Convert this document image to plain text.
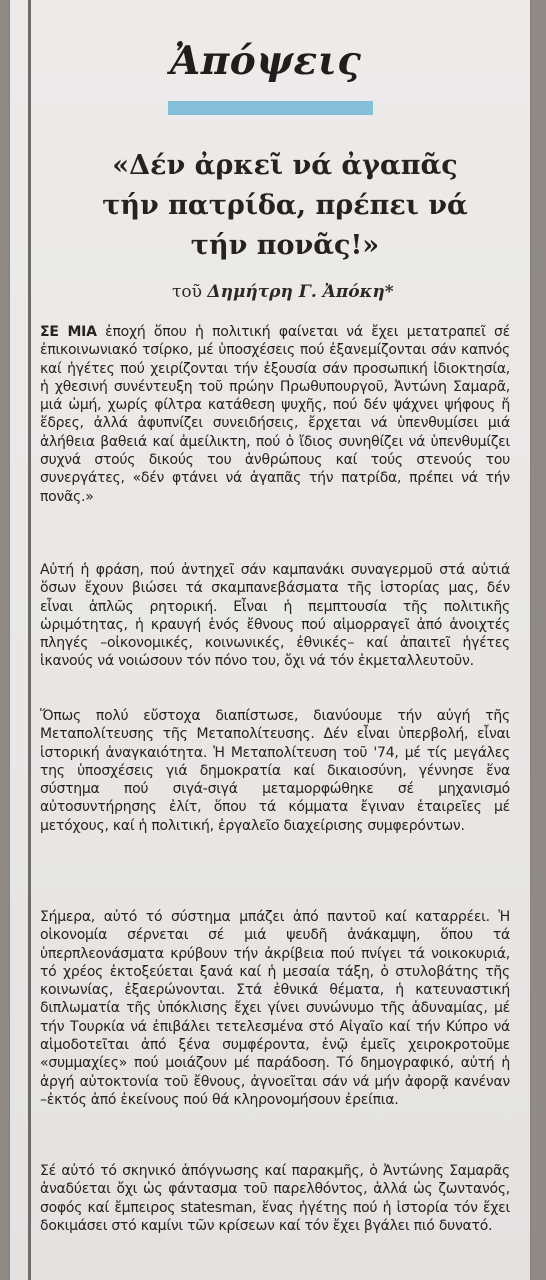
Ἀπόψεις
«Δέν ἀρκεῖ νά ἀγαπᾶς τήν πατρίδα, πρέπει νά τήν πονᾶς!»
τοῦ Δημήτρη Γ. Ἀπόκη*

ΣΕ ΜΙΑ ἐποχή ὅπου ἡ πολιτική φαίνεται νά ἔχει μετατραπεῖ σέ ἐπικοινωνιακό τσίρκο, μέ ὑποσχέσεις πού ἐξανεμίζονται σάν καπνός καί ἡγέτες πού χειρίζονται τήν ἐξουσία σάν προσωπική ἰδιοκτησία, ἡ χθεσινή συνέντευξη τοῦ πρώην Πρωθυπουργοῦ, Ἀντώνη Σαμαρᾶ, μιά ὠμή, χωρίς φίλτρα κατάθεση ψυχῆς, πού δέν ψάχνει ψήφους ἤ ἕδρες, ἀλλά ἀφυπνίζει συνειδήσεις, ἔρχεται νά ὑπενθυμίσει μιά ἀλήθεια βαθειά καί ἀμείλικτη, πού ὁ ἴδιος συνηθίζει νά ὑπενθυμίζει συχνά στούς δικούς του ἀνθρώπους καί τούς στενούς του συνεργάτες, «δέν φτάνει νά ἀγαπᾶς τήν πατρίδα, πρέπει νά τήν πονᾶς.»

Αὐτή ἡ φράση, πού ἀντηχεῖ σάν καμπανάκι συναγερμοῦ στά αὐτιά ὅσων ἔχουν βιώσει τά σκαμπανεβάσματα τῆς ἱστορίας μας, δέν εἶναι ἁπλῶς ρητορική. Εἶναι ἡ πεμπτουσία τῆς πολιτικῆς ὡριμότητας, ἡ κραυγή ἑνός ἔθνους πού αἱμορραγεῖ ἀπό ἀνοιχτές πληγές –οἰκονομικές, κοινωνικές, ἐθνικές– καί ἀπαιτεῖ ἡγέτες ἱκανούς νά νοιώσουν τόν πόνο του, ὄχι νά τόν ἐκμεταλλευτοῦν.

Ὅπως πολύ εὔστοχα διαπίστωσε, διανύουμε τήν αὐγή τῆς Μεταπολίτευσης τῆς Μεταπολίτευσης. Δέν εἶναι ὑπερβολή, εἶναι ἱστορική ἀναγκαιότητα. Ἡ Μεταπολίτευση τοῦ '74, μέ τίς μεγάλες της ὑποσχέσεις γιά δημοκρατία καί δικαιοσύνη, γέννησε ἕνα σύστημα πού σιγά-σιγά μεταμορφώθηκε σέ μηχανισμό αὐτοσυντήρησης ἐλίτ, ὅπου τά κόμματα ἔγιναν ἑταιρεῖες μέ μετόχους, καί ἡ πολιτική, ἐργαλεῖο διαχείρισης συμφερόντων.

Σήμερα, αὐτό τό σύστημα μπάζει ἀπό παντοῦ καί καταρρέει. Ἡ οἰκονομία σέρνεται σέ μιά ψευδῆ ἀνάκαμψη, ὅπου τά ὑπερπλεονάσματα κρύβουν τήν ἀκρίβεια πού πνίγει τά νοικοκυριά, τό χρέος ἐκτοξεύεται ξανά καί ἡ μεσαία τάξη, ὁ στυλοβάτης τῆς κοινωνίας, ἐξαερώνονται. Στά ἐθνικά θέματα, ἡ κατευναστική διπλωματία τῆς ὑπόκλισης ἔχει γίνει συνώνυμο τῆς ἀδυναμίας, μέ τήν Τουρκία νά ἐπιβάλει τετελεσμένα στό Αἰγαῖο καί τήν Κύπρο νά αἱμοδοτεῖται ἀπό ξένα συμφέροντα, ἐνῷ ἐμεῖς χειροκροτοῦμε «συμμαχίες» πού μοιάζουν μέ παράδοση. Τό δημογραφικό, αὐτή ἡ ἀργή αὐτοκτονία τοῦ ἔθνους, ἀγνοεῖται σάν νά μήν ἀφορᾷ κανέναν –ἐκτός ἀπό ἐκείνους πού θά κληρονομήσουν ἐρείπια.

Σέ αὐτό τό σκηνικό ἀπόγνωσης καί παρακμῆς, ὁ Ἀντώνης Σαμαρᾶς ἀναδύεται ὄχι ὡς φάντασμα τοῦ παρελθόντος, ἀλλά ὡς ζωντανός, σοφός καί ἔμπειρος statesman, ἕνας ἡγέτης πού ἡ ἱστορία τόν ἔχει δοκιμάσει στό καμίνι τῶν κρίσεων καί τόν ἔχει βγάλει πιό δυνατό.
